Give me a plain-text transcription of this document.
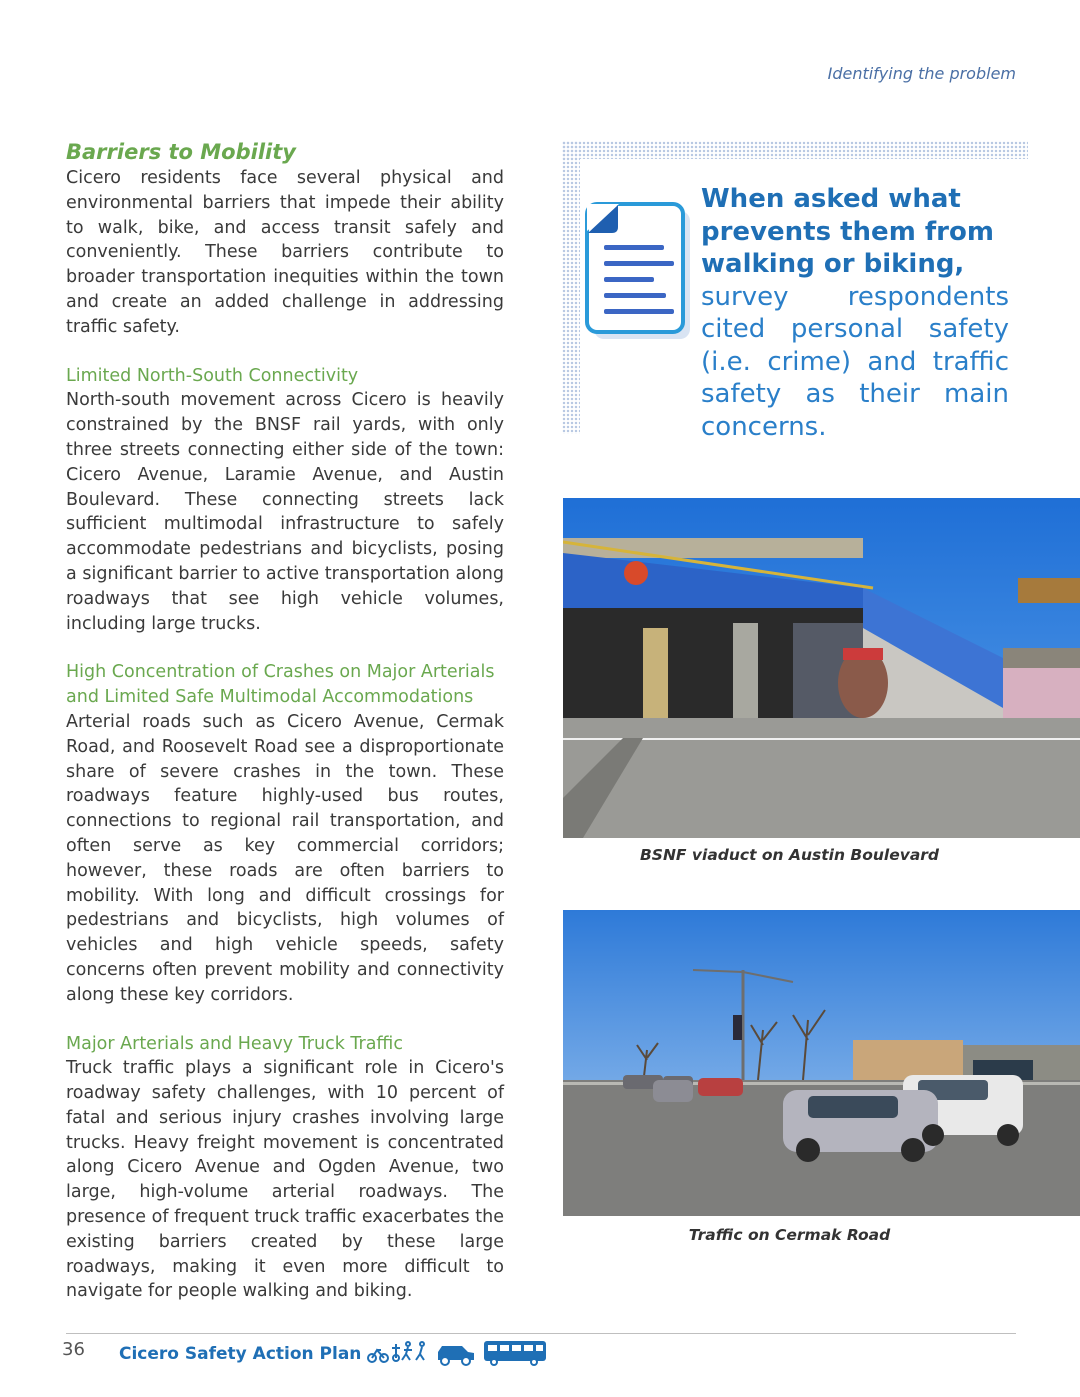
Identifying the problem
Barriers to Mobility

Cicero residents face several physical and environmental barriers that impede their ability to walk, bike, and access transit safely and conveniently. These barriers contribute to broader transportation inequities within the town and create an added challenge in addressing traffic safety.

Limited North-South Connectivity

North-south movement across Cicero is heavily constrained by the BNSF rail yards, with only three streets connecting either side of the town: Cicero Avenue, Laramie Avenue, and Austin Boulevard. These connecting streets lack sufficient multimodal infrastructure to safely accommodate pedestrians and bicyclists, posing a significant barrier to active transportation along roadways that see high vehicle volumes, including large trucks.

High Concentration of Crashes on Major Arterials and Limited Safe Multimodal Accommodations

Arterial roads such as Cicero Avenue, Cermak Road, and Roosevelt Road see a disproportionate share of severe crashes in the town. These roadways feature highly-used bus routes, connections to regional rail transportation, and often serve as key commercial corridors; however, these roads are often barriers to mobility. With long and difficult crossings for pedestrians and bicyclists, high volumes of vehicles and high vehicle speeds, safety concerns often prevent mobility and connectivity along these key corridors.

Major Arterials and Heavy Truck Traffic

Truck traffic plays a significant role in Cicero's roadway safety challenges, with 10 percent of fatal and serious injury crashes involving large trucks. Heavy freight movement is concentrated along Cicero Avenue and Ogden Avenue, two large, high-volume arterial roadways. The presence of frequent truck traffic exacerbates the existing barriers created by these large roadways, making it even more difficult to navigate for people walking and biking.

When asked what prevents them from walking or biking,

survey respondents cited personal safety (i.e. crime) and traffic safety as their main concerns.

BSNF viaduct on Austin Boulevard
Traffic on Cermak Road
36 Cicero Safety Action Plan
